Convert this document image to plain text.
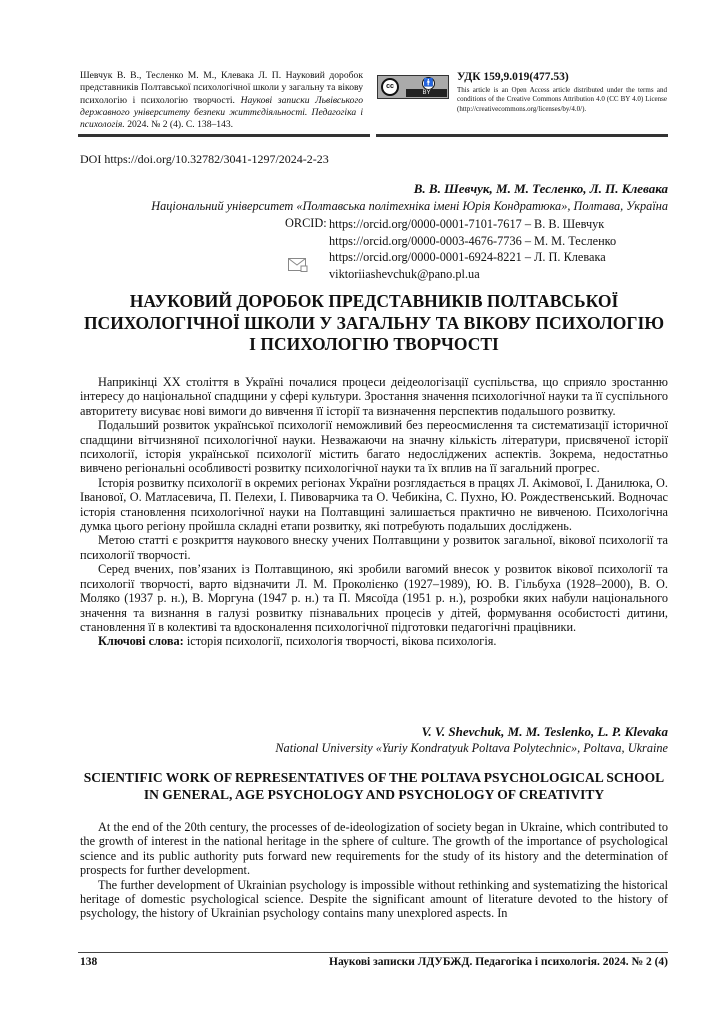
Шевчук В. В., Тесленко М. М., Клевака Л. П. Науковий доробок представників Полтавської психологічної школи у загальну та вікову психологію і психологію творчості. Наукові записки Львівського державного університету безпеки життєдіяльності. Педагогіка і психологія. 2024. № 2 (4). С. 138–143.
cc	🚹
BY
УДК 159,9.019(477.53)
This article is an Open Access article distributed under the terms and conditions of the Creative Commons Attribution 4.0 (CC BY 4.0) License (http://creativecommons.org/licenses/by/4.0/).
DOI https://doi.org/10.32782/3041-1297/2024-2-23
В. В. Шевчук, М. М. Тесленко, Л. П. Клевака
Національний університет «Полтавська політехніка імені Юрія Кондратюка», Полтава, Україна
ORCID: https://orcid.org/0000-0001-7101-7617 – В. В. Шевчук
https://orcid.org/0000-0003-4676-7736 – М. М. Тесленко
https://orcid.org/0000-0001-6924-8221 – Л. П. Клевака
viktoriiashevchuk@pano.pl.ua
НАУКОВИЙ ДОРОБОК ПРЕДСТАВНИКІВ ПОЛТАВСЬКОЇ ПСИХОЛОГІЧНОЇ ШКОЛИ У ЗАГАЛЬНУ ТА ВІКОВУ ПСИХОЛОГІЮ І ПСИХОЛОГІЮ ТВОРЧОСТІ

Наприкінці XX століття в Україні почалися процеси деідеологізації суспільства, що сприяло зростанню інтересу до національної спадщини у сфері культури. Зростання значення психологічної науки та її суспільного авторитету висуває нові вимоги до вивчення її історії та визначення перспектив подальшого розвитку.

Подальший розвиток української психології неможливий без переосмислення та систематизації історичної спадщини вітчизняної психологічної науки. Незважаючи на значну кількість літератури, присвяченої історії психології, історія української психології містить багато недосліджених аспектів. Зокрема, недостатньо вивчено регіональні особливості розвитку психологічної науки та їх вплив на її загальний прогрес.

Історія розвитку психології в окремих регіонах України розглядається в працях Л. Акімової, І. Данилюка, О. Іванової, О. Матласевича, П. Пелехи, І. Пивоварчика та О. Чебикіна, С. Пухно, Ю. Рождественський. Водночас історія становлення психологічної науки на Полтавщині залишається практично не вивченою. Психологічна думка цього регіону пройшла складні етапи розвитку, які потребують подальших досліджень.

Метою статті є розкриття наукового внеску учених Полтавщини у розвиток загальної, вікової психології та психології творчості.

Серед вчених, пов’язаних із Полтавщиною, які зробили вагомий внесок у розвиток вікової психології та психології творчості, варто відзначити Л. М. Проколієнко (1927–1989), Ю. В. Гільбуха (1928–2000), В. О. Моляко (1937 р. н.), В. Моргуна (1947 р. н.) та П. Мясоїда (1951 р. н.), розробки яких набули національного значення та визнання в галузі розвитку пізнавальних процесів у дітей, формування особистості дитини, становлення її в колективі та вдосконалення психологічної підготовки педагогічні працівники.

Ключові слова: історія психології, психологія творчості, вікова психологія.

V. V. Shevchuk, M. M. Teslenko, L. P. Klevaka
National University «Yuriy Kondratyuk Poltava Polytechnic», Poltava, Ukraine
SCIENTIFIC WORK OF REPRESENTATIVES OF THE POLTAVA PSYCHOLOGICAL SCHOOL IN GENERAL, AGE PSYCHOLOGY AND PSYCHOLOGY OF CREATIVITY

At the end of the 20th century, the processes of de-ideologization of society began in Ukraine, which contributed to the growth of interest in the national heritage in the sphere of culture. The growth of the importance of psychological science and its public authority puts forward new requirements for the study of its history and the determination of prospects for further development.

The further development of Ukrainian psychology is impossible without rethinking and systematizing the historical heritage of domestic psychological science. Despite the significant amount of literature devoted to the history of psychology, the history of Ukrainian psychology contains many unexplored aspects. In

138	Наукові записки ЛДУБЖД. Педагогіка і психологія. 2024. № 2 (4)
